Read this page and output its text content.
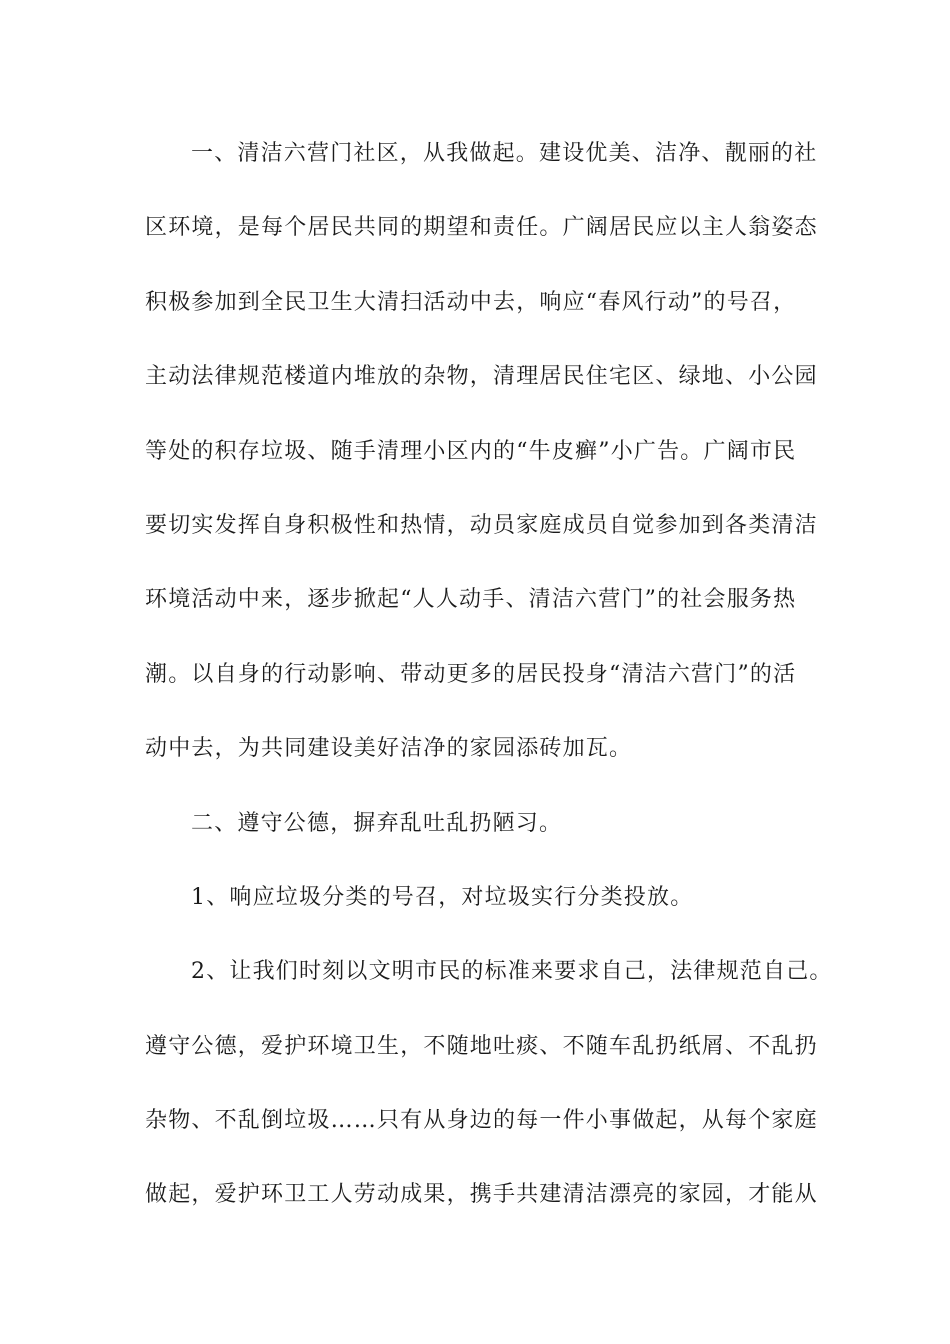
一、清洁六营门社区，从我做起。建设优美、洁净、靓丽的社
区环境，是每个居民共同的期望和责任。广阔居民应以主人翁姿态
积极参加到全民卫生大清扫活动中去，响应“春风行动”的号召，
主动法律规范楼道内堆放的杂物，清理居民住宅区、绿地、小公园
等处的积存垃圾、随手清理小区内的“牛皮癣”小广告。广阔市民
要切实发挥自身积极性和热情，动员家庭成员自觉参加到各类清洁
环境活动中来，逐步掀起“人人动手、清洁六营门”的社会服务热
潮。以自身的行动影响、带动更多的居民投身“清洁六营门”的活
动中去，为共同建设美好洁净的家园添砖加瓦。
二、遵守公德，摒弃乱吐乱扔陋习。
1、响应垃圾分类的号召，对垃圾实行分类投放。
2、让我们时刻以文明市民的标准来要求自己，法律规范自己。
遵守公德，爱护环境卫生，不随地吐痰、不随车乱扔纸屑、不乱扔
杂物、不乱倒垃圾……只有从身边的每一件小事做起，从每个家庭
做起，爱护环卫工人劳动成果，携手共建清洁漂亮的家园，才能从
